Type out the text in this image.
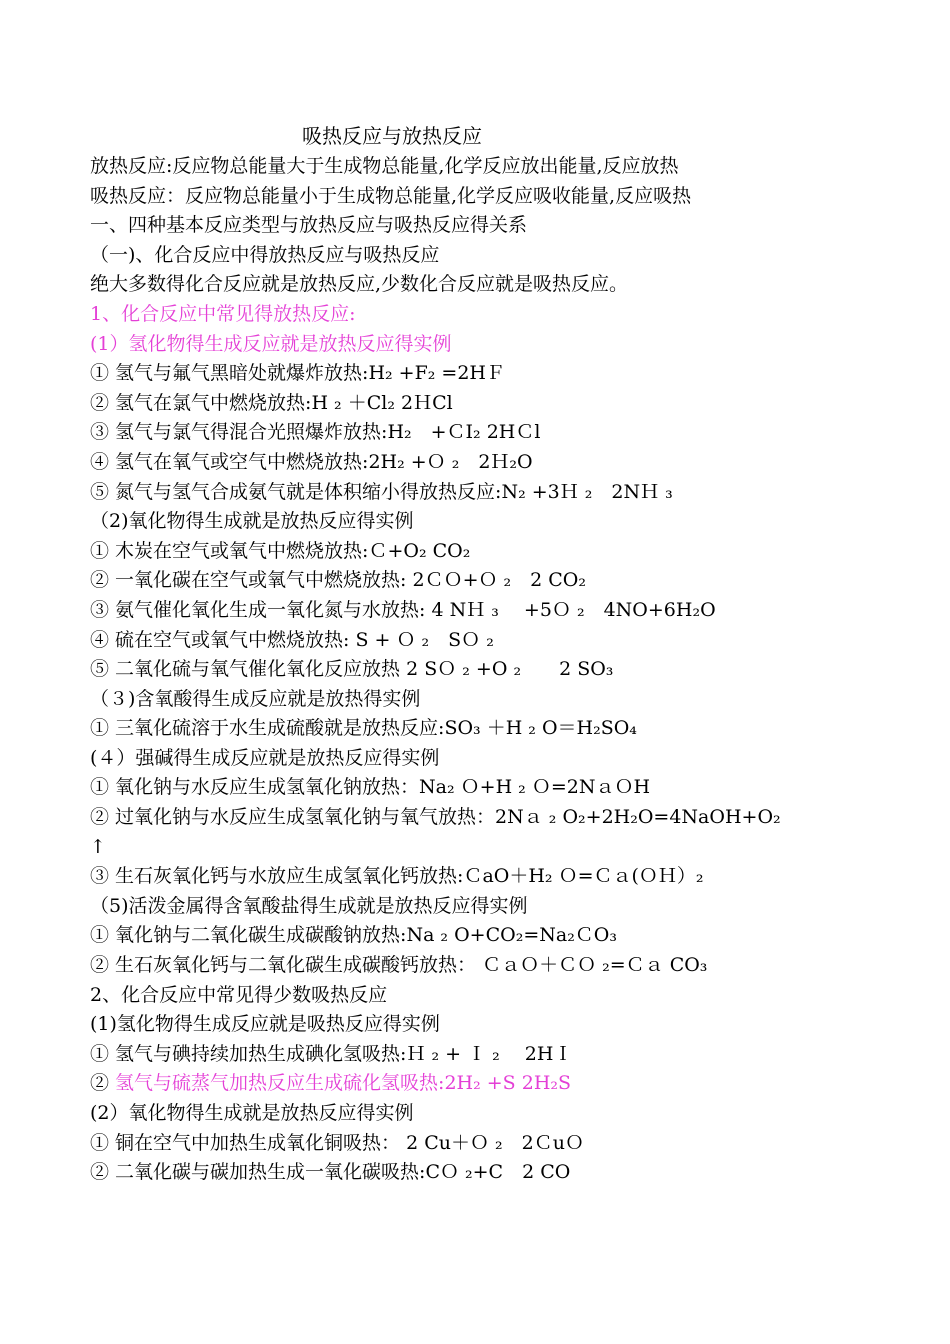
吸热反应与放热反应
放热反应:反应物总能量大于生成物总能量,化学反应放出能量,反应放热
吸热反应：反应物总能量小于生成物总能量,化学反应吸收能量,反应吸热
一、四种基本反应类型与放热反应与吸热反应得关系
（一)、化合反应中得放热反应与吸热反应
绝大多数得化合反应就是放热反应,少数化合反应就是吸热反应。
1、化合反应中常见得放热反应:
(1）氢化物得生成反应就是放热反应得实例
① 氢气与氟气黑暗处就爆炸放热:H₂ +F₂ =2HＦ
② 氢气在氯气中燃烧放热:H ₂ ＋Cl₂ 2ＨCl
③ 氢气与氯气得混合光照爆炸放热:H₂　+ＣI₂ 2HＣl
④ 氢气在氧气或空气中燃烧放热:2H₂ +Ｏ ₂　2Ｈ₂O
⑤ 氮气与氢气合成氨气就是体积缩小得放热反应:N₂ +3Ｈ ₂　2NＨ ₃
（2)氧化物得生成就是放热反应得实例
① 木炭在空气或氧气中燃烧放热:Ｃ+O₂ CO₂
② 一氧化碳在空气或氧气中燃烧放热: 2ＣＯ+Ｏ ₂　2 CO₂
③ 氨气催化氧化生成一氧化氮与水放热: 4 NＨ ₃　 +5Ｏ ₂　4NO+6H₂O
④ 硫在空气或氧气中燃烧放热: S + Ｏ ₂　SＯ ₂
⑤ 二氧化硫与氧气催化氧化反应放热 2 SＯ ₂ +O ₂　　2 SO₃
（３)含氧酸得生成反应就是放热得实例
① 三氧化硫溶于水生成硫酸就是放热反应:SO₃ ＋H ₂ O＝H₂SO₄
(４）强碱得生成反应就是放热反应得实例
① 氧化钠与水反应生成氢氧化钠放热：Na₂ Ｏ+H ₂ Ｏ=2NａＯH
② 过氧化钠与水反应生成氢氧化钠与氧气放热：2Nａ ₂ O₂+2H₂O=4NaOH+O₂
↑
③ 生石灰氧化钙与水放应生成氢氧化钙放热:ＣaO＋H₂ Ｏ=Ｃａ(ＯＨ）₂
（5)活泼金属得含氧酸盐得生成就是放热反应得实例
① 氧化钠与二氧化碳生成碳酸钠放热:Na ₂ O+CO₂=Na₂ＣO₃
② 生石灰氧化钙与二氧化碳生成碳酸钙放热： ＣａＯ＋ＣＯ ₂=Ｃａ CO₃
2、化合反应中常见得少数吸热反应
(1)氢化物得生成反应就是吸热反应得实例
① 氢气与碘持续加热生成碘化氢吸热:Ｈ ₂ + Ｉ ₂　 2HＩ
② 氢气与硫蒸气加热反应生成硫化氢吸热:2H₂ +S 2H₂S
(2）氧化物得生成就是放热反应得实例
① 铜在空气中加热生成氧化铜吸热： 2 Cu＋Ｏ ₂　2ＣuＯ
② 二氧化碳与碳加热生成一氧化碳吸热:CＯ ₂+C　2 CO
